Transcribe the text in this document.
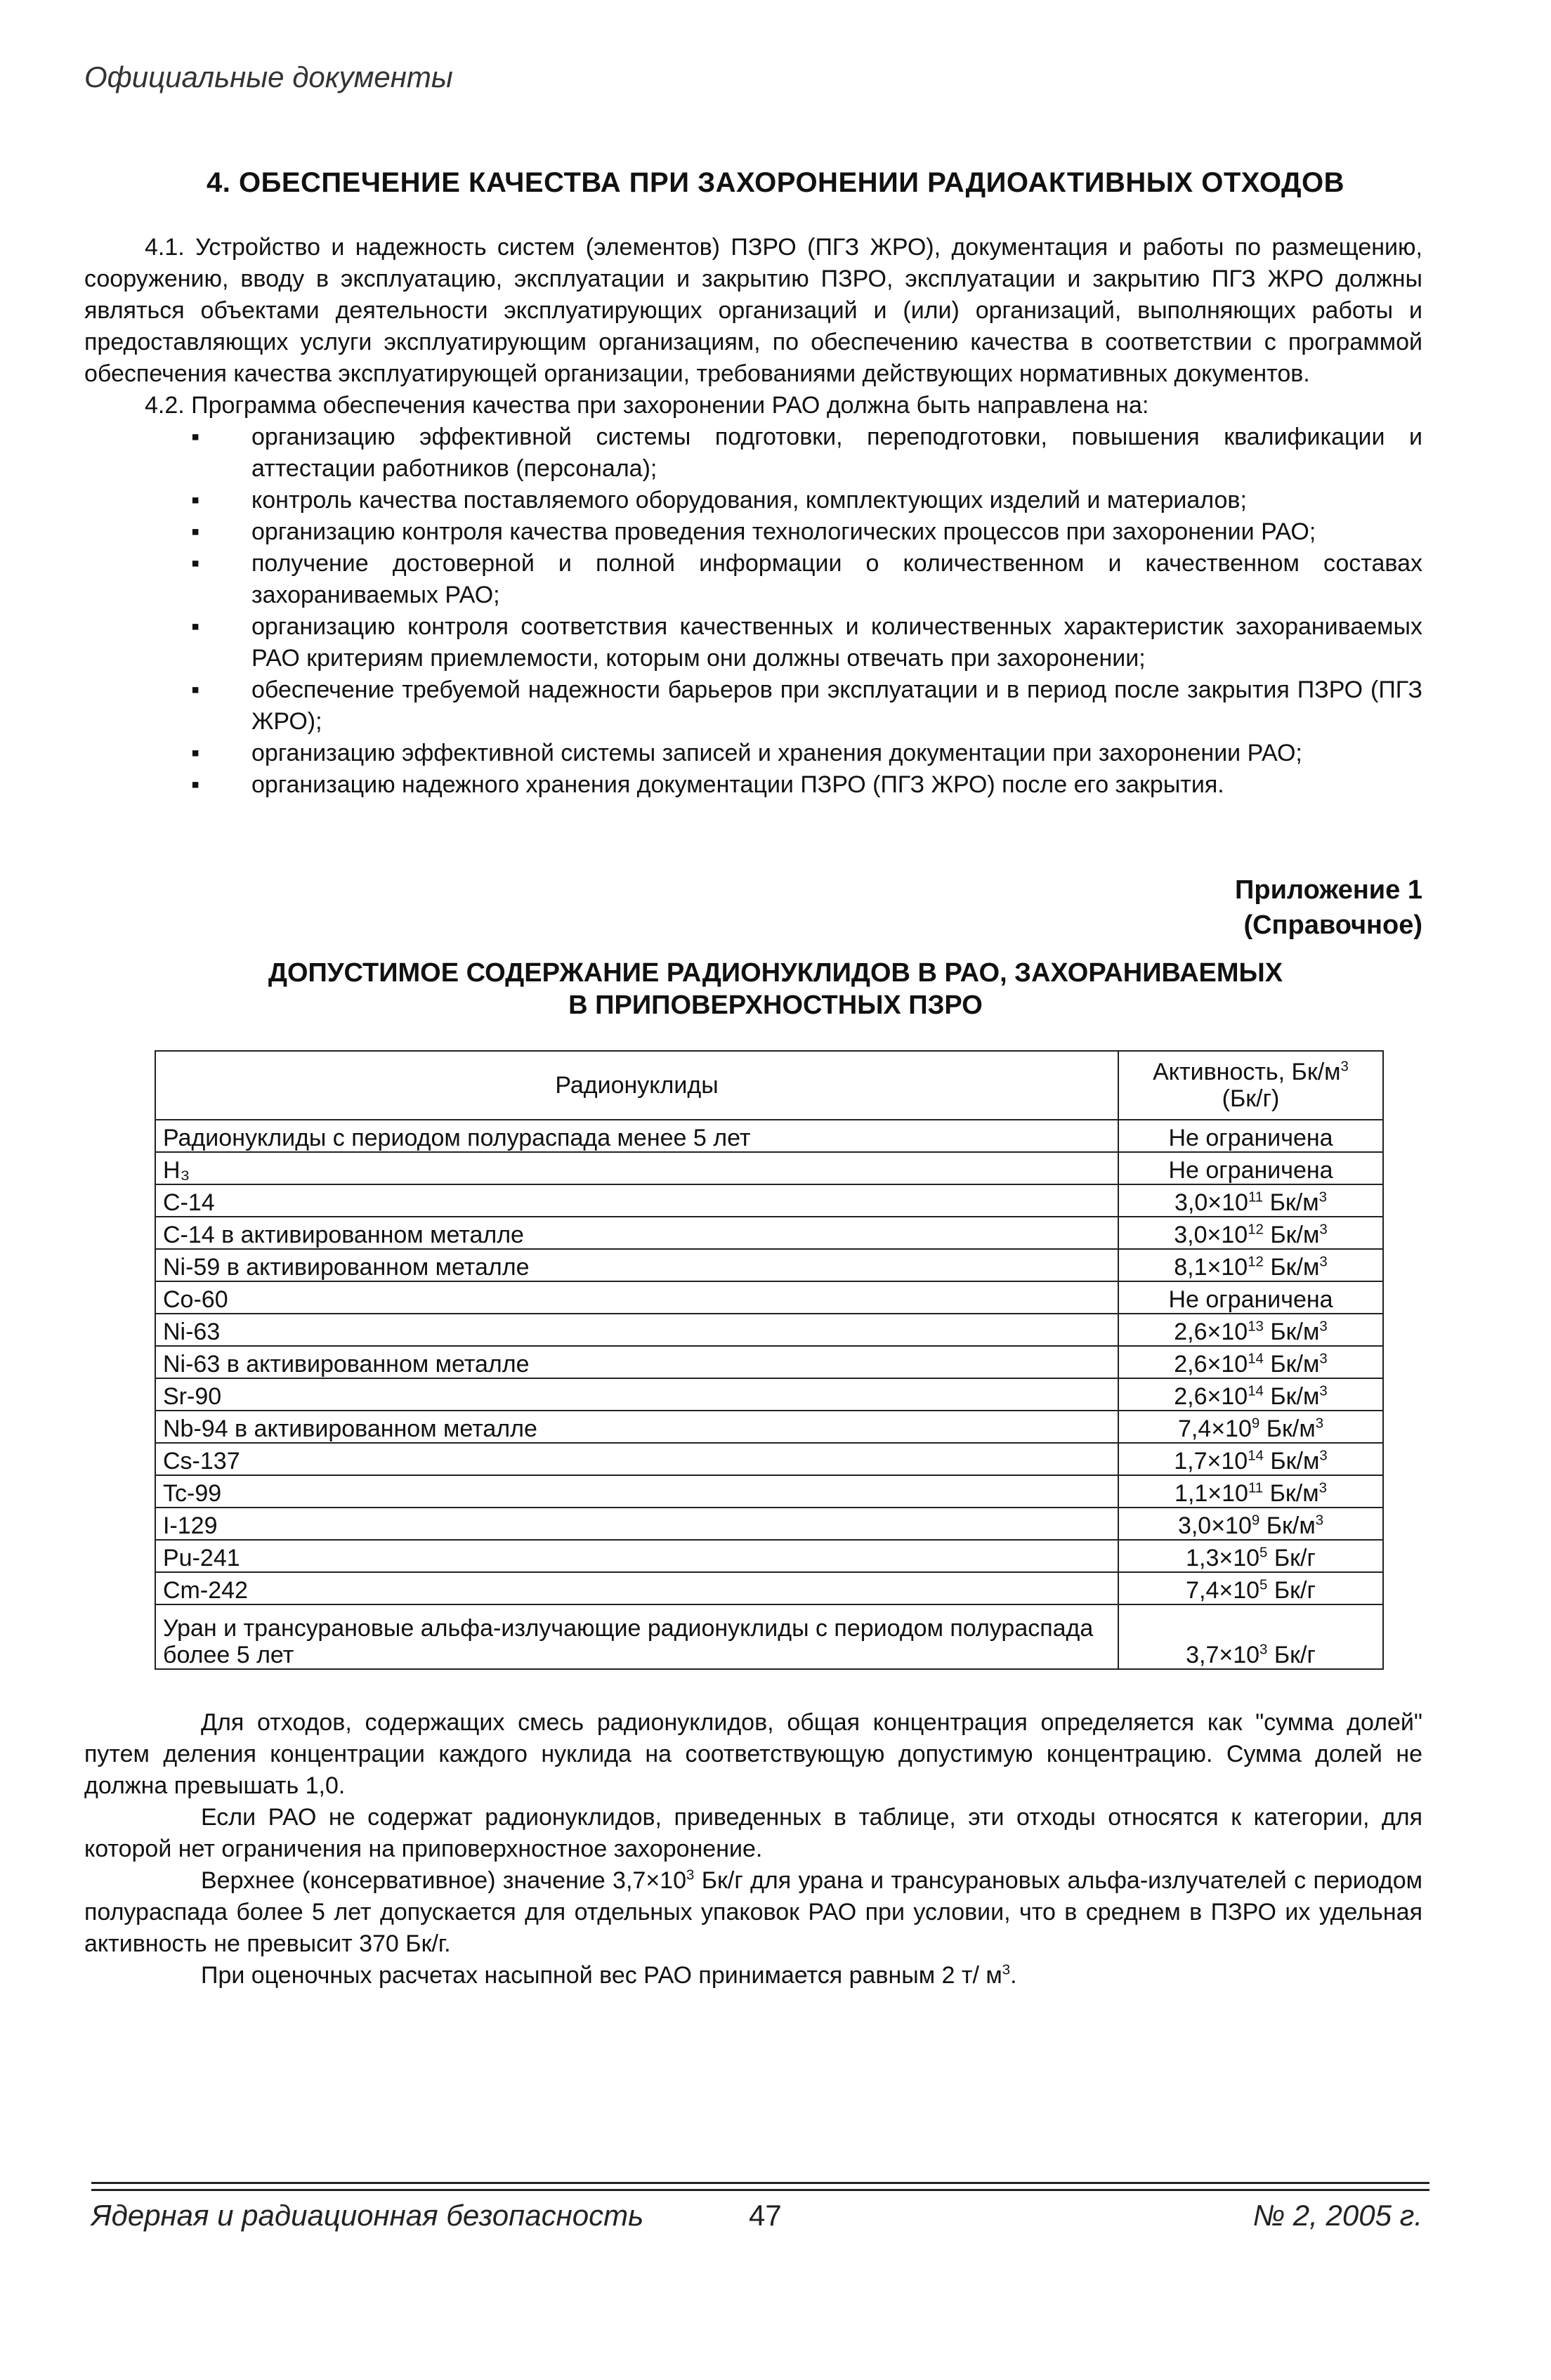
Официальные документы
4. ОБЕСПЕЧЕНИЕ КАЧЕСТВА ПРИ ЗАХОРОНЕНИИ РАДИОАКТИВНЫХ ОТХОДОВ

4.1. Устройство и надежность систем (элементов) ПЗРО (ПГЗ ЖРО), документация и работы по размещению, сооружению, вводу в эксплуатацию, эксплуатации и закрытию ПЗРО, эксплуатации и закрытию ПГЗ ЖРО должны являться объектами деятельности эксплуатирующих организаций и (или) организаций, выполняющих работы и предоставляющих услуги эксплуатирующим организациям, по обеспечению качества в соответствии с программой обеспечения качества эксплуатирующей организации, требованиями действующих нормативных документов.

4.2. Программа обеспечения качества при захоронении РАО должна быть направлена на:

▪ организацию эффективной системы подготовки, переподготовки, повышения квалификации и аттестации работников (персонала);
▪ контроль качества поставляемого оборудования, комплектующих изделий и материалов;
▪ организацию контроля качества проведения технологических процессов при захоронении РАО;
▪ получение достоверной и полной информации о количественном и качественном составах захораниваемых РАО;
▪ организацию контроля соответствия качественных и количественных характеристик захораниваемых РАО критериям приемлемости, которым они должны отвечать при захоронении;
▪ обеспечение требуемой надежности барьеров при эксплуатации и в период после закрытия ПЗРО (ПГЗ ЖРО);
▪ организацию эффективной системы записей и хранения документации при захоронении РАО;
▪ организацию надежного хранения документации ПЗРО (ПГЗ ЖРО) после его закрытия.
Приложение 1
(Справочное)
ДОПУСТИМОЕ СОДЕРЖАНИЕ РАДИОНУКЛИДОВ В РАО, ЗАХОРАНИВАЕМЫХ
В ПРИПОВЕРХНОСТНЫХ ПЗРО
Радионуклиды	Активность, $Бк/м^3$
(Бк/г)
Радионуклиды с периодом полураспада менее 5 лет	Не ограничена
H₃	Не ограничена
C-14	$3,0\times 10^{11}$ $Бк/м^3$
C-14 в активированном металле	$3,0\times 10^{12}$ $Бк/м^3$
Ni-59 в активированном металле	$8,1\times 10^{12}$ $Бк/м^3$
Co-60	Не ограничена
Ni-63	$2,6\times 10^{13}$ $Бк/м^3$
Ni-63 в активированном металле	$2,6\times 10^{14}$ $Бк/м^3$
Sr-90	$2,6\times 10^{14}$ $Бк/м^3$
Nb-94 в активированном металле	$7,4\times 10^9$ $Бк/м^3$
Cs-137	$1,7\times 10^{14}$ $Бк/м^3$
Tc-99	$1,1\times 10^{11}$ $Бк/м^3$
I-129	$3,0\times 10^9$ $Бк/м^3$
Pu-241	$1,3\times 10^5$ Бк/г
Cm-242	$7,4\times 10^5$ Бк/г
Уран и трансурановые альфа-излучающие радионуклиды с периодом полураспада более 5 лет	$3,7\times 10^3$ Бк/г

Для отходов, содержащих смесь радионуклидов, общая концентрация определяется как "сумма долей" путем деления концентрации каждого нуклида на соответствующую допустимую концентрацию. Сумма долей не должна превышать 1,0.

Если РАО не содержат радионуклидов, приведенных в таблице, эти отходы относятся к категории, для которой нет ограничения на приповерхностное захоронение.

Верхнее (консервативное) значение $3,7\times 10^3$ Бк/г для урана и трансурановых альфа-излучателей с периодом полураспада более 5 лет допускается для отдельных упаковок РАО при условии, что в среднем в ПЗРО их удельная активность не превысит 370 Бк/г.

При оценочных расчетах насыпной вес РАО принимается равным 2 т/ $м^3$.

Ядерная и радиационная безопасность	47	№ 2, 2005 г.
